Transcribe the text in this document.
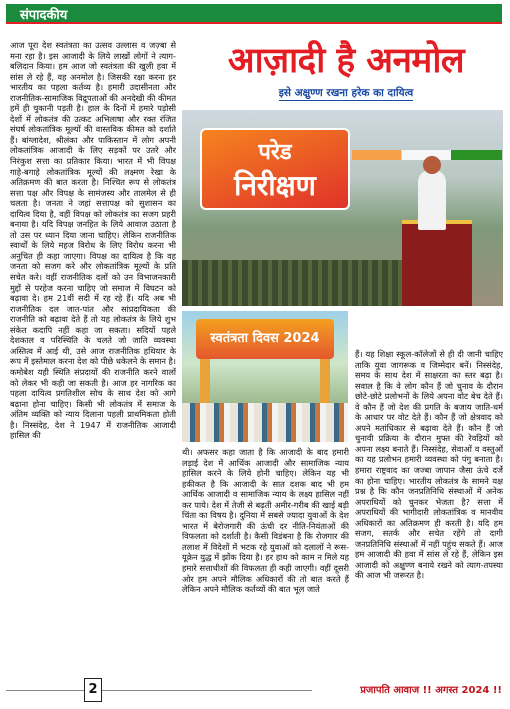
संपादकीय

आज पूरा देश स्वतंत्रता का उत्सव उल्लास व जज़्बा से मना रहा है। इस आजादी के लिये लाखों लोगों ने त्याग-बलिदान किया। हम आज जो स्वतंत्रता की खुली हवा में सांस ले रहे हैं, वह अनमोल है। जिसकी रक्षा करना हर भारतीय का पहला कर्तव्य है। हमारी उदासीनता और राजनीतिक-सामाजिक विद्रूपताओं की अनदेखी की कीमत हमें ही चुकानी पड़ती है। हाल के दिनों में हमारे पड़ोसी देशों में लोकतंत्र की उत्कट अभिलाषा और रक्त रंजित संघर्ष लोकतांत्रिक मूल्यों की वास्तविक कीमत को दर्शाते हैं। बांग्लादेश, श्रीलंका और पाकिस्तान में लोग अपनी लोकतांत्रिक आजादी के लिए सड़कों पर उतरे और निरंकुश सत्ता का प्रतिकार किया। भारत में भी विपक्ष गाहे-बगाहे लोकतांत्रिक मूल्यों की लक्ष्मण रेखा के अतिक्रमण की बात करता है। निश्चित रूप से लोकतंत्र सत्ता पक्ष और विपक्ष के सामंजस्य और तालमेल से ही चलता है। जनता ने जहां सत्तापक्ष को सुशासन का दायित्व दिया है, वहीं विपक्ष को लोकतंत्र का सजग प्रहरी बनाया है। यदि विपक्ष जनहित के लिये आवाज उठाता है तो उस पर ध्यान दिया जाना चाहिए। लेकिन राजनीतिक स्वार्थों के लिये महज विरोध के लिए विरोध करना भी अनुचित ही कहा जाएगा। विपक्ष का दायित्व है कि वह जनता को सजग करे और लोकतांत्रिक मूल्यों के प्रति सचेत करे। वहीं राजनीतिक दलों को उन विभाजनकारी मुद्दों से परहेज करना चाहिए जो समाज में विघटन को बढ़ावा दे। हम 21वीं सदी में रह रहे हैं। यदि अब भी राजनीतिक दल जात-पांत और सांप्रदायिकता की राजनीति को बढ़ावा देते हैं तो यह लोकतंत्र के लिये शुभ संकेत कदापि नहीं कहा जा सकता। सदियों पहले देशकाल व परिस्थिति के चलते जो जाति व्यवस्था अस्तित्व में आई थी, उसे आज राजनीतिक हथियार के रूप में इस्तेमाल करना देश को पीछे धकेलने के समान है। कमोबेश यही स्थिति संप्रदायों की राजनीति करने वालों को लेकर भी कही जा सकती है। आज हर नागरिक का पहला दायित्व प्रगतिशील सोच के साथ देश को आगे बढ़ाना होना चाहिए। किसी भी लोकतंत्र में समाज के अंतिम व्यक्ति को न्याय दिलाना पहली प्राथमिकता होती है। निस्संदेह, देश ने 1947 में राजनीतिक आजादी हासिल की

आज़ादी है अनमोल
इसे अक्षुण्ण रखना हरेक का दायित्व
परेड
निरीक्षण
स्वतंत्रता दिवस 2024

थी। अफसर कहा जाता है कि आजादी के बाद हमारी लड़ाई देश में आर्थिक आजादी और सामाजिक न्याय हासिल करने के लिये होनी चाहिए। लेकिन यह भी हकीकत है कि आजादी के सात दशक बाद भी हम आर्थिक आजादी व सामाजिक न्याय के लक्ष्य हासिल नहीं कर पाये। देश में तेजी से बढ़ती अमीर-गरीब की खाई बड़ी चिंता का विषय है। दुनिया में सबसे ज्यादा युवाओं के देश भारत में बेरोजगारी की ऊंची दर नीति-नियंताओं की विफलता को दर्शाती है। कैसी विडंबना है कि रोजगार की तलाश में विदेशों में भटक रहे युवाओं को दलालों ने रूस-यूक्रेन युद्ध में झोंक दिया है। हर हाथ को काम न मिले यह हमारे सत्ताधीशों की विफलता ही कही जाएगी। वहीं दूसरी ओर हम अपने मौलिक अधिकारों की तो बात करते हैं लेकिन अपने मौलिक कर्तव्यों की बात भूल जाते

हैं। यह शिक्षा स्कूल-कॉलेजों से ही दी जानी चाहिए ताकि युवा जागरूक व जिम्मेदार बनें। निस्संदेह, समय के साथ देश में साक्षरता का स्तर बढ़ा है। सवाल है कि वे लोग कौन हैं जो चुनाव के दौरान छोटे-छोटे प्रलोभनों के लिये अपना वोट बेच देते हैं। वे कौन हैं जो देश की प्रगति के बजाय जाति-धर्म के आधार पर वोट देते हैं। कौन हैं जो क्षेत्रवाद को अपने मतांधिकार से बढ़ावा देते हैं। कौन हैं जो चुनावी प्रक्रिया के दौरान मुफ्त की रेवड़ियों को अपना लक्ष्य बनाते हैं। निस्संदेह, सेवाओं व वस्तुओं का यह प्रलोभन हमारी व्यवस्था को पंगु बनाता है। हमारा राष्ट्रवाद का जज्बा जापान जैसा ऊंचे दर्जे का होना चाहिए। भारतीय लोकतंत्र के सामने यक्ष प्रश्न है कि कौन जनप्रतिनिधि संस्थाओं में अनेक अपराधियों को चुनकर भेजता है? सत्ता में अपराधियों की भागीदारी लोकतांत्रिक व मानवीय अधिकारों का अतिक्रमण ही करती है। यदि हम सजग, सतर्क और सचेत रहेंगे तो दागी जनप्रतिनिधि संस्थाओं में नहीं पहुंच सकते हैं। आज हम आजादी की हवा में सांस ले रहे हैं, लेकिन इस आजादी को अक्षुण्ण बनाये रखने को त्याग-तपस्या की आज भी जरूरत है।

2	प्रजापति आवाज !! अगस्त 2024 !!
